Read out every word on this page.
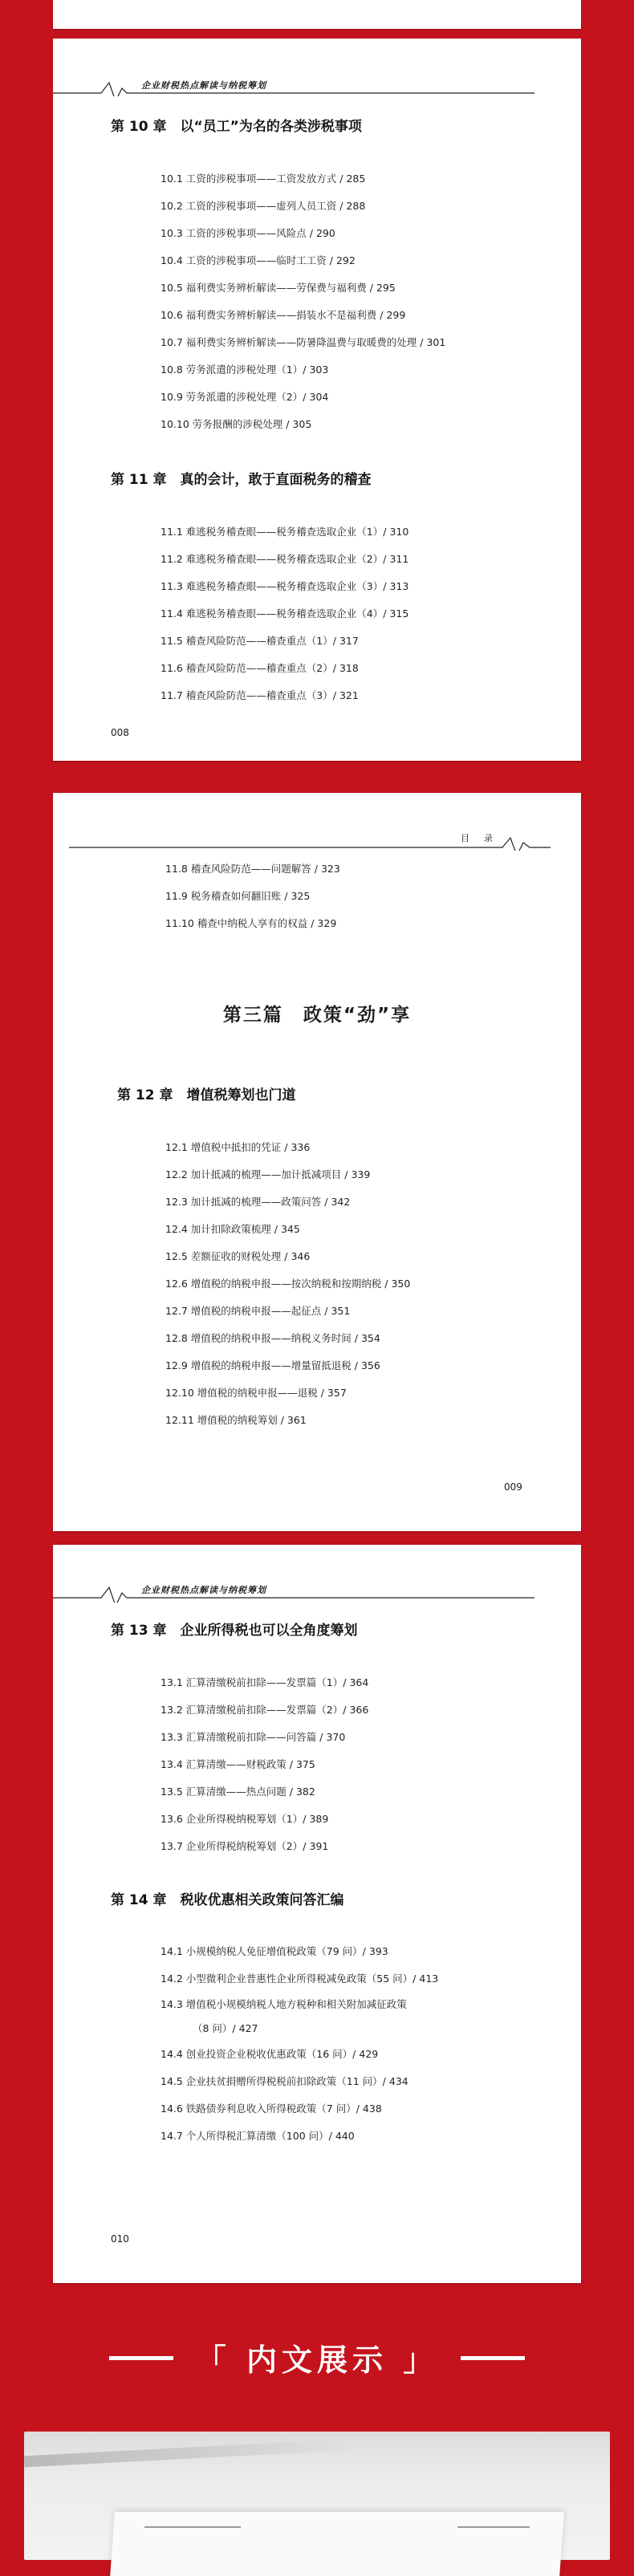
企业财税热点解读与纳税筹划
第 10 章　以“员工”为名的各类涉税事项
10.1 工资的涉税事项——工资发放方式 / 285
10.2 工资的涉税事项——虚列人员工资 / 288
10.3 工资的涉税事项——风险点 / 290
10.4 工资的涉税事项——临时工工资 / 292
10.5 福利费实务辨析解读——劳保费与福利费 / 295
10.6 福利费实务辨析解读——捐装水不是福利费 / 299
10.7 福利费实务辨析解读——防暑降温费与取暖费的处理 / 301
10.8 劳务派遣的涉税处理（1）/ 303
10.9 劳务派遣的涉税处理（2）/ 304
10.10 劳务报酬的涉税处理 / 305
第 11 章　真的会计，敢于直面税务的稽查
11.1 难逃税务稽查眼——税务稽查选取企业（1）/ 310
11.2 难逃税务稽查眼——税务稽查选取企业（2）/ 311
11.3 难逃税务稽查眼——税务稽查选取企业（3）/ 313
11.4 难逃税务稽查眼——税务稽查选取企业（4）/ 315
11.5 稽查风险防范——稽查重点（1）/ 317
11.6 稽查风险防范——稽查重点（2）/ 318
11.7 稽查风险防范——稽查重点（3）/ 321
008
目录
11.8 稽查风险防范——问题解答 / 323
11.9 税务稽查如何翻旧账 / 325
11.10 稽查中纳税人享有的权益 / 329
第三篇　政策“劲”享
第 12 章　增值税筹划也门道
12.1 增值税中抵扣的凭证 / 336
12.2 加计抵减的梳理——加计抵减项目 / 339
12.3 加计抵减的梳理——政策问答 / 342
12.4 加计扣除政策梳理 / 345
12.5 差额征收的财税处理 / 346
12.6 增值税的纳税申报——按次纳税和按期纳税 / 350
12.7 增值税的纳税申报——起征点 / 351
12.8 增值税的纳税申报——纳税义务时间 / 354
12.9 增值税的纳税申报——增量留抵退税 / 356
12.10 增值税的纳税申报——退税 / 357
12.11 增值税的纳税筹划 / 361
009
企业财税热点解读与纳税筹划
第 13 章　企业所得税也可以全角度筹划
13.1 汇算清缴税前扣除——发票篇（1）/ 364
13.2 汇算清缴税前扣除——发票篇（2）/ 366
13.3 汇算清缴税前扣除——问答篇 / 370
13.4 汇算清缴——财税政策 / 375
13.5 汇算清缴——热点问题 / 382
13.6 企业所得税纳税筹划（1）/ 389
13.7 企业所得税纳税筹划（2）/ 391
第 14 章　税收优惠相关政策问答汇编
14.1 小规模纳税人免征增值税政策（79 问）/ 393
14.2 小型微利企业普惠性企业所得税减免政策（55 问）/ 413
14.3 增值税小规模纳税人地方税种和相关附加减征政策
（8 问）/ 427
14.4 创业投资企业税收优惠政策（16 问）/ 429
14.5 企业扶贫捐赠所得税税前扣除政策（11 问）/ 434
14.6 铁路债券利息收入所得税政策（7 问）/ 438
14.7 个人所得税汇算清缴（100 问）/ 440
010
「 内文展示 」
